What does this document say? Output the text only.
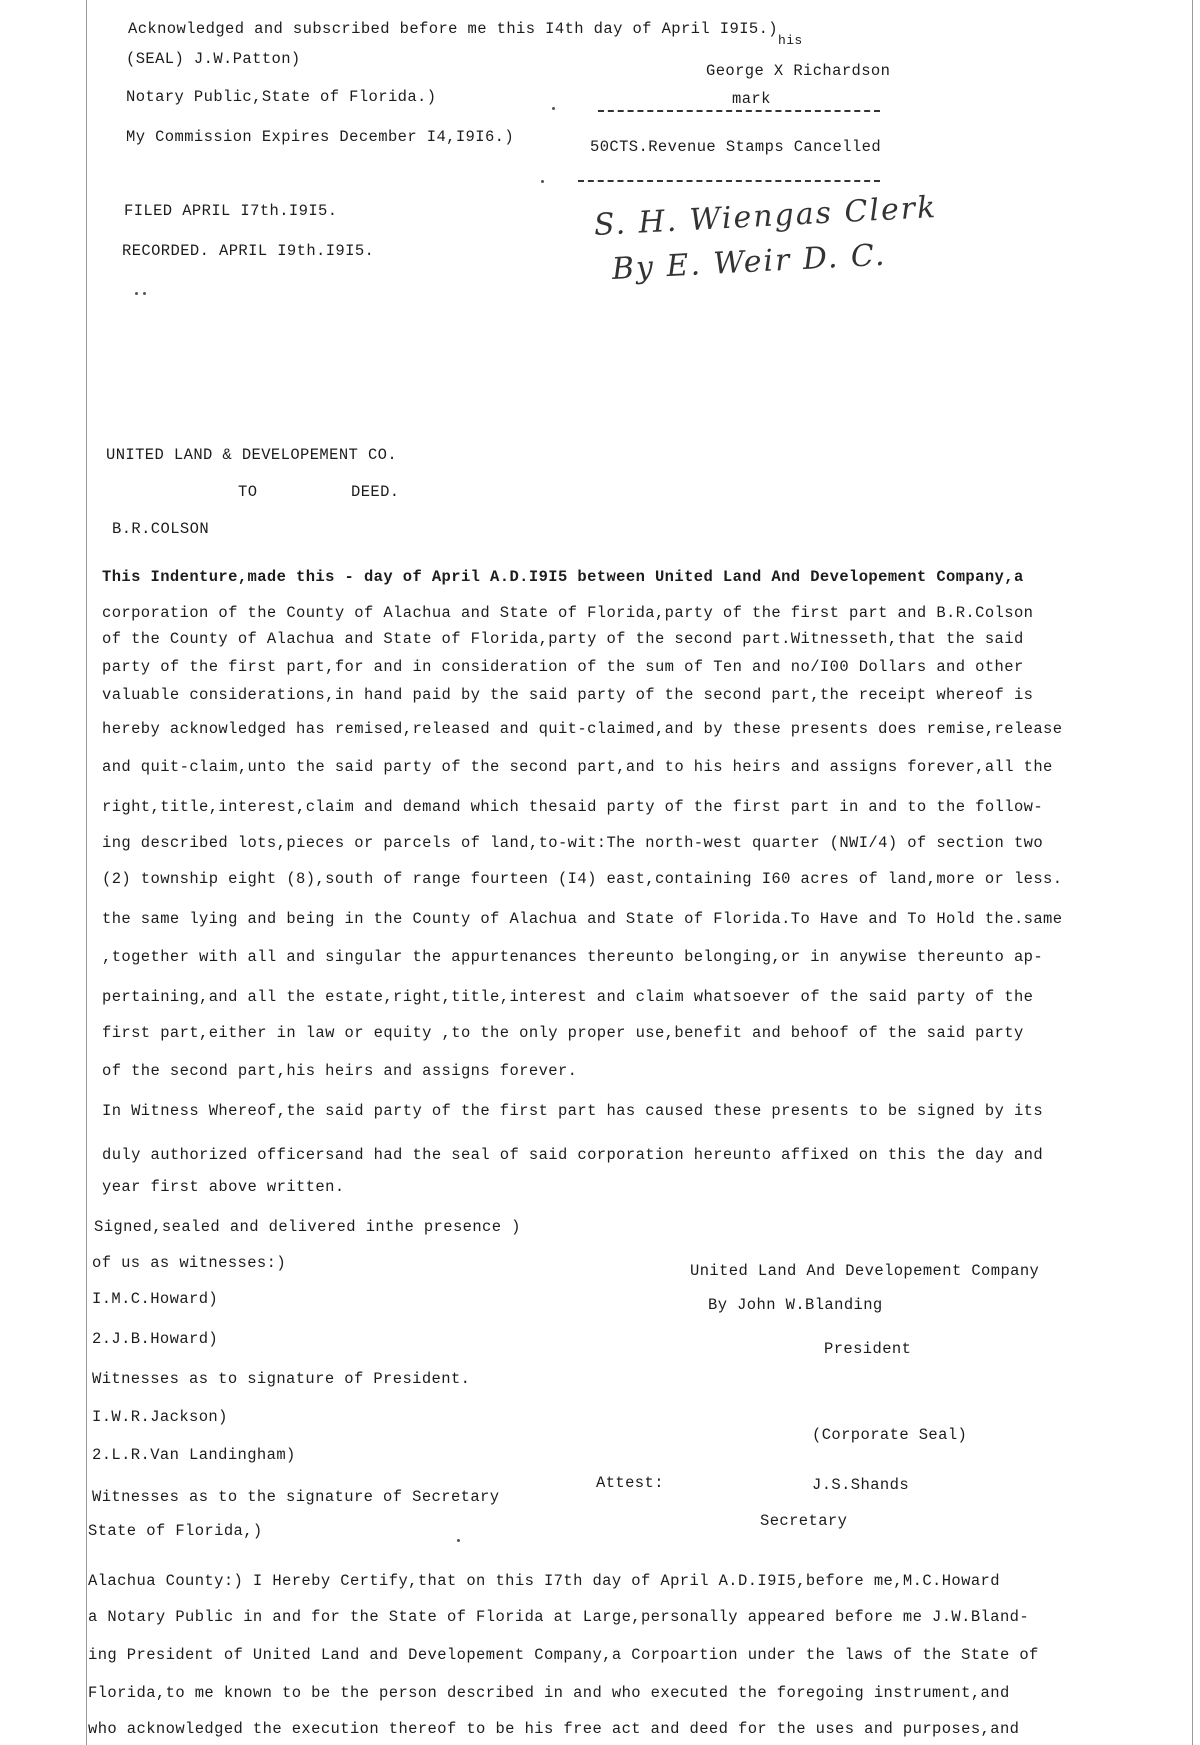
Acknowledged and subscribed before me this I4th day of April I9I5.)
his
(SEAL) J.W.Patton)
George X Richardson
Notary Public,State of Florida.)	mark
My Commission Expires December I4,I9I6.)
50CTS.Revenue Stamps Cancelled
FILED APRIL I7th.I9I5.
RECORDED. APRIL I9th.I9I5.
S. H. Wiengas Clerk
By E. Weir D. C.
UNITED LAND & DEVELOPEMENT CO.
TO	DEED.
B.R.COLSON
This Indenture,made this - day of April A.D.I9I5 between United Land And Developement Company,a
corporation of the County of Alachua and State of Florida,party of the first part and B.R.Colson
of the County of Alachua and State of Florida,party of the second part.Witnesseth,that the said
party of the first part,for and in consideration of the sum of Ten and no/I00 Dollars and other
valuable considerations,in hand paid by the said party of the second part,the receipt whereof is
hereby acknowledged has remised,released and quit-claimed,and by these presents does remise,release
and quit-claim,unto the said party of the second part,and to his heirs and assigns forever,all the
right,title,interest,claim and demand which thesaid party of the first part in and to the follow-
ing described lots,pieces or parcels of land,to-wit:The north-west quarter (NWI/4) of section two
(2) township eight (8),south of range fourteen (I4) east,containing I60 acres of land,more or less.
the same lying and being in the County of Alachua and State of Florida.To Have and To Hold the.same
,together with all and singular the appurtenances thereunto belonging,or in anywise thereunto ap-
pertaining,and all the estate,right,title,interest and claim whatsoever of the said party of the
first part,either in law or equity ,to the only proper use,benefit and behoof of the said party
of the second part,his heirs and assigns forever.
In Witness Whereof,the said party of the first part has caused these presents to be signed by its
duly authorized officersand had the seal of said corporation hereunto affixed on this the day and
year first above written.
Signed,sealed and delivered inthe presence )
of us as witnesses:)	United Land And Developement Company
I.M.C.Howard)	By John W.Blanding
2.J.B.Howard)
President
Witnesses as to signature of President.
I.W.R.Jackson)
2.L.R.Van Landingham)
(Corporate Seal)
Witnesses as to the signature of Secretary
Attest:	J.S.Shands
State of Florida,)
Secretary
Alachua County:) I Hereby Certify,that on this I7th day of April A.D.I9I5,before me,M.C.Howard
a Notary Public in and for the State of Florida at Large,personally appeared before me J.W.Bland-
ing President of United Land and Developement Company,a Corpoartion under the laws of the State of
Florida,to me known to be the person described in and who executed the foregoing instrument,and
who acknowledged the execution thereof to be his free act and deed for the uses and purposes,and
